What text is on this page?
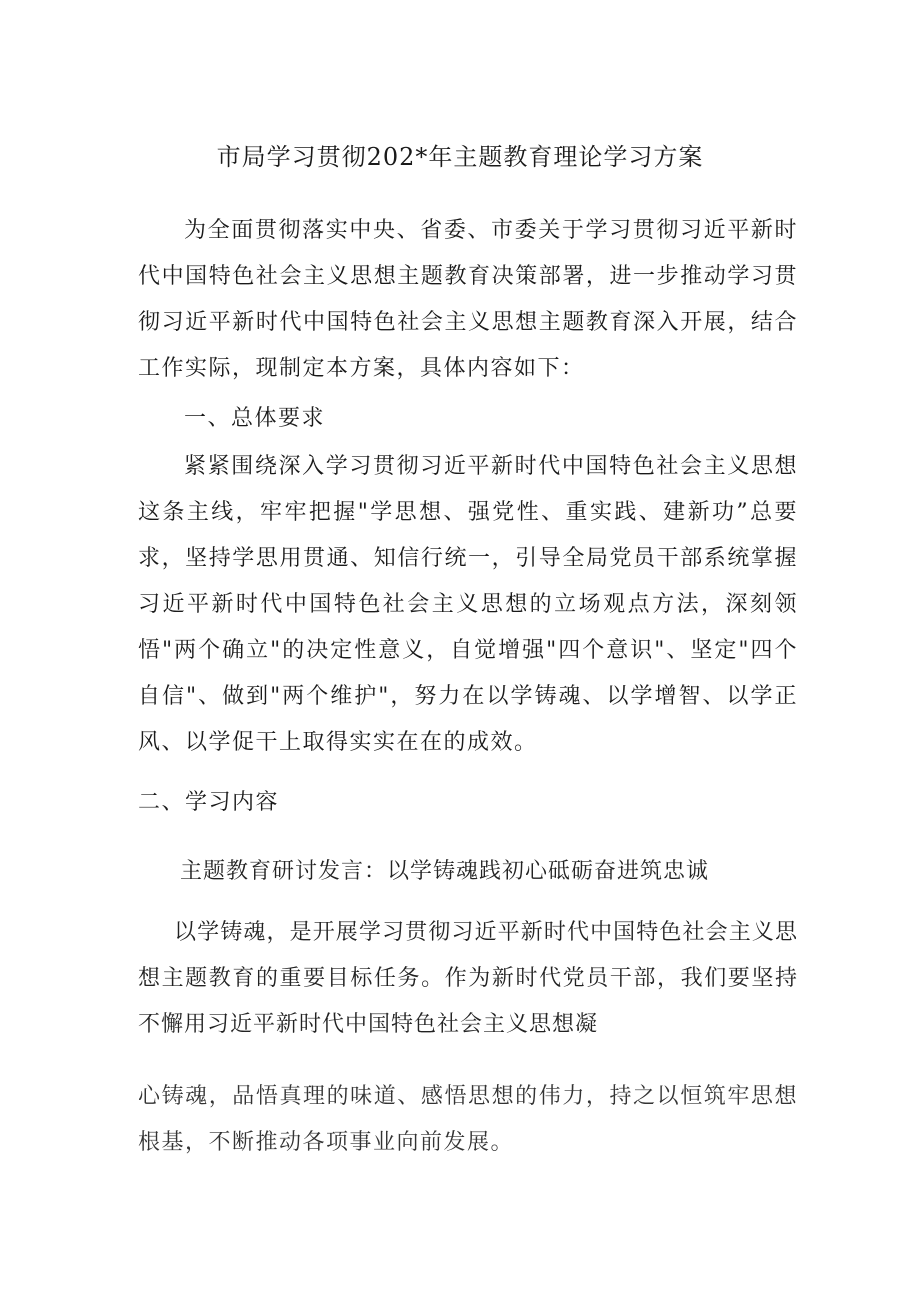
市局学习贯彻202*年主题教育理论学习方案
为全面贯彻落实中央、省委、市委关于学习贯彻习近平新时代中国特色社会主义思想主题教育决策部署，进一步推动学习贯彻习近平新时代中国特色社会主义思想主题教育深入开展，结合工作实际，现制定本方案，具体内容如下：
一、总体要求
紧紧围绕深入学习贯彻习近平新时代中国特色社会主义思想这条主线，牢牢把握"学思想、强党性、重实践、建新功”总要求，坚持学思用贯通、知信行统一，引导全局党员干部系统掌握习近平新时代中国特色社会主义思想的立场观点方法，深刻领悟"两个确立"的决定性意义，自觉增强"四个意识"、坚定"四个自信"、做到"两个维护"，努力在以学铸魂、以学增智、以学正风、以学促干上取得实实在在的成效。
二、学习内容
主题教育研讨发言：以学铸魂践初心砥砺奋进筑忠诚
以学铸魂，是开展学习贯彻习近平新时代中国特色社会主义思想主题教育的重要目标任务。作为新时代党员干部，我们要坚持不懈用习近平新时代中国特色社会主义思想凝
心铸魂，品悟真理的味道、感悟思想的伟力，持之以恒筑牢思想根基，不断推动各项事业向前发展。
